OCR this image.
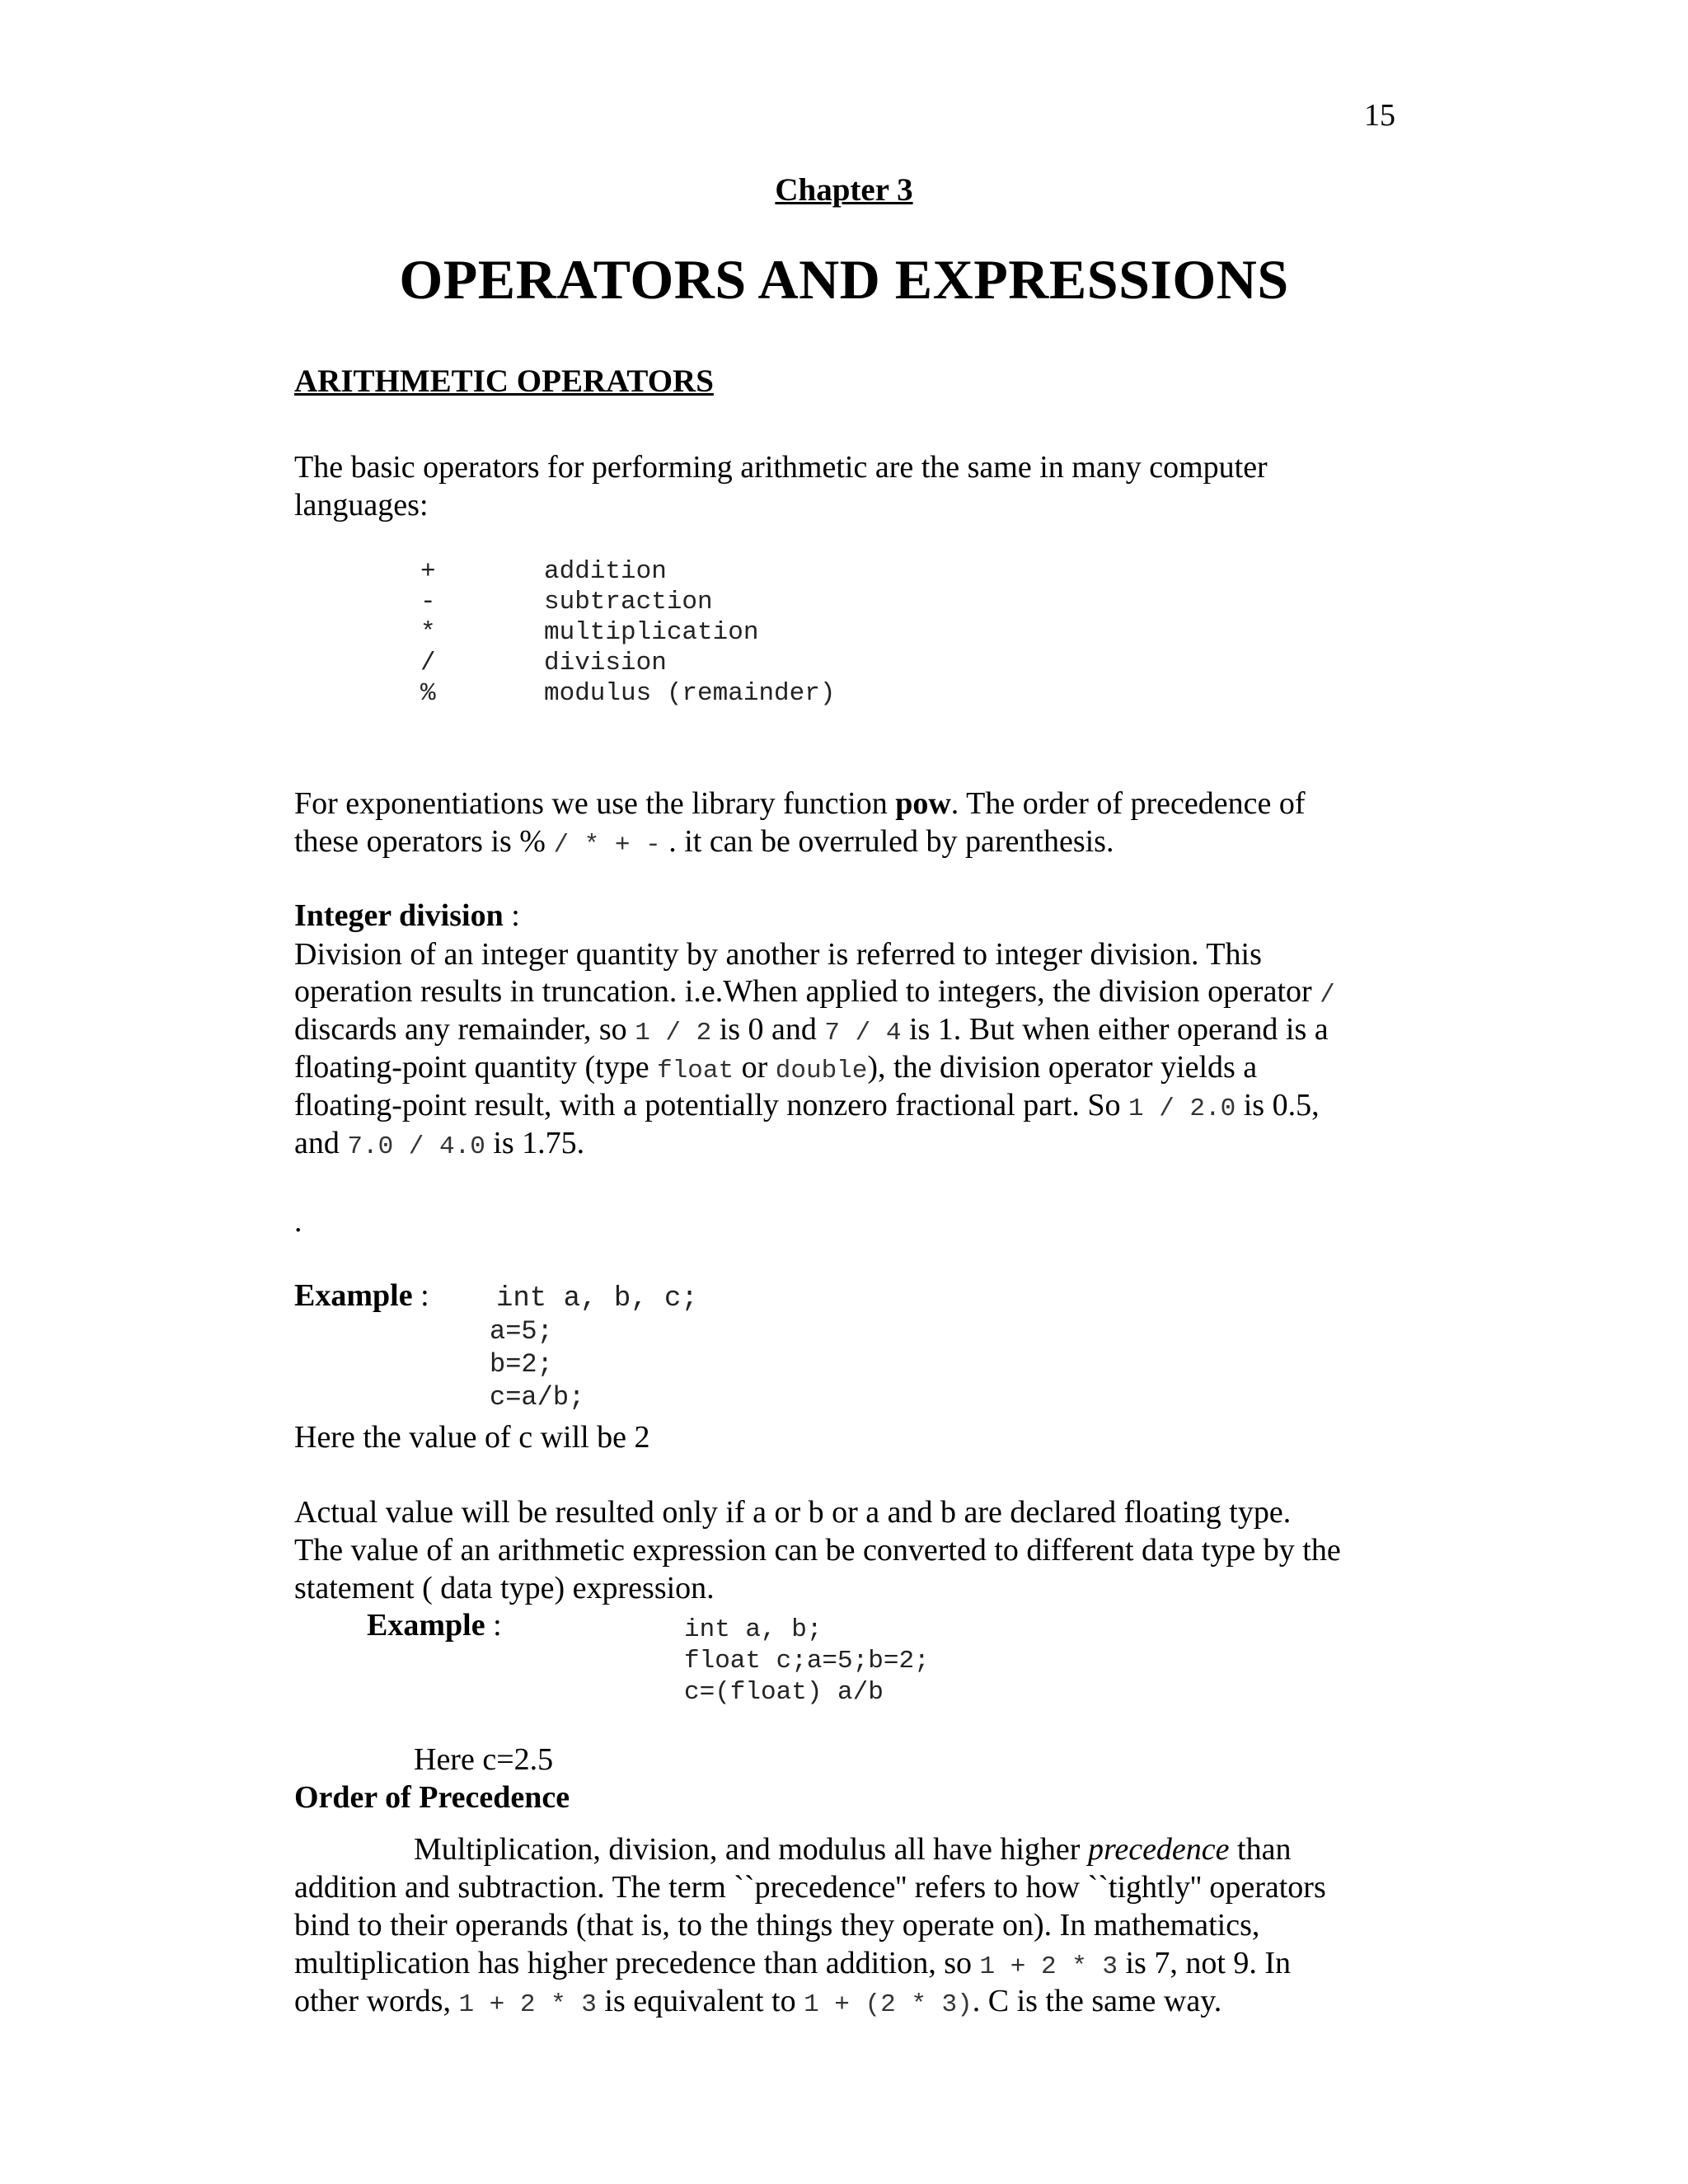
15
Chapter 3
OPERATORS AND EXPRESSIONS
ARITHMETIC OPERATORS
The basic operators for performing arithmetic are the same in many computer
languages:
+	addition
-	subtraction
*	multiplication
/	division
%	modulus (remainder)
For exponentiations we use the library function pow. The order of precedence of
these operators is % / * + - . it can be overruled by parenthesis.
Integer division :
Division of an integer quantity by another is referred to integer division. This
operation results in truncation. i.e.When applied to integers, the division operator /
discards any remainder, so 1 / 2 is 0 and 7 / 4 is 1. But when either operand is a
floating-point quantity (type float or double), the division operator yields a
floating-point result, with a potentially nonzero fractional part. So 1 / 2.0 is 0.5,
and 7.0 / 4.0 is 1.75.
.
Example : int a, b, c;
a=5;
b=2;
c=a/b;
Here the value of c will be 2
Actual value will be resulted only if a or b or a and b are declared floating type.
The value of an arithmetic expression can be converted to different data type by the
statement ( data type) expression.
Example :	int a, b;
float c;a=5;b=2;
c=(float) a/b
Here c=2.5
Order of Precedence
Multiplication, division, and modulus all have higher precedence than
addition and subtraction. The term ``precedence'' refers to how ``tightly'' operators
bind to their operands (that is, to the things they operate on). In mathematics,
multiplication has higher precedence than addition, so 1 + 2 * 3 is 7, not 9. In
other words, 1 + 2 * 3 is equivalent to 1 + (2 * 3). C is the same way.
